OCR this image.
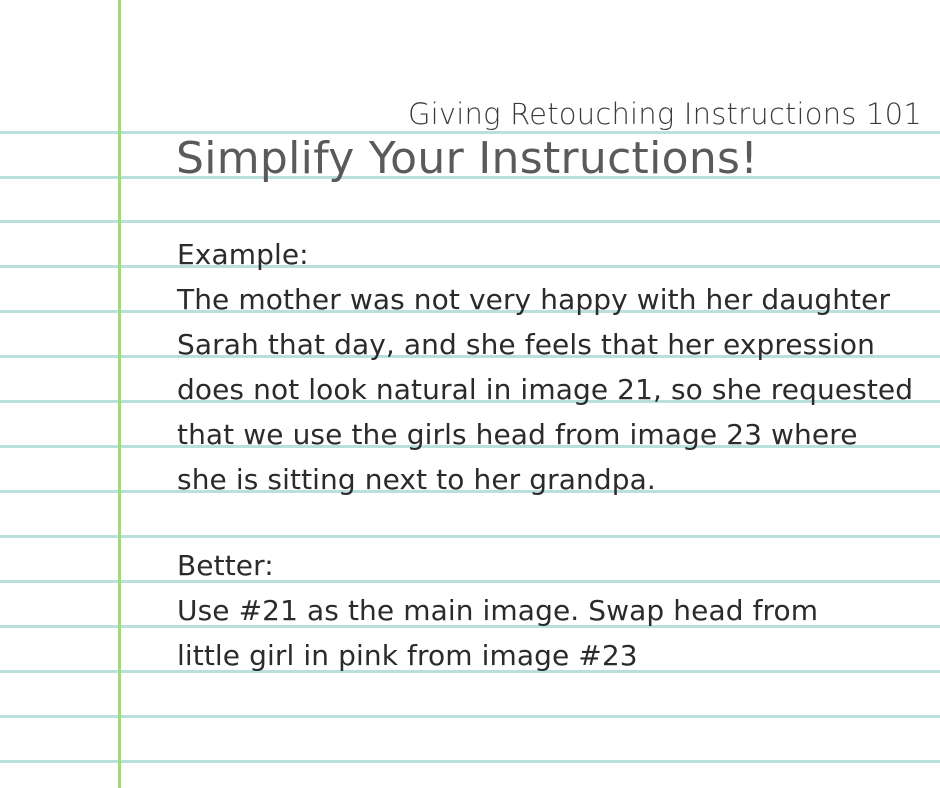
Giving Retouching Instructions 101
Simplify Your Instructions!
Example:
The mother was not very happy with her daughter
Sarah that day, and she feels that her expression
does not look natural in image 21, so she requested
that we use the girls head from image 23 where
she is sitting next to her grandpa.
Better:
Use #21 as the main image. Swap head from
little girl in pink from image #23
